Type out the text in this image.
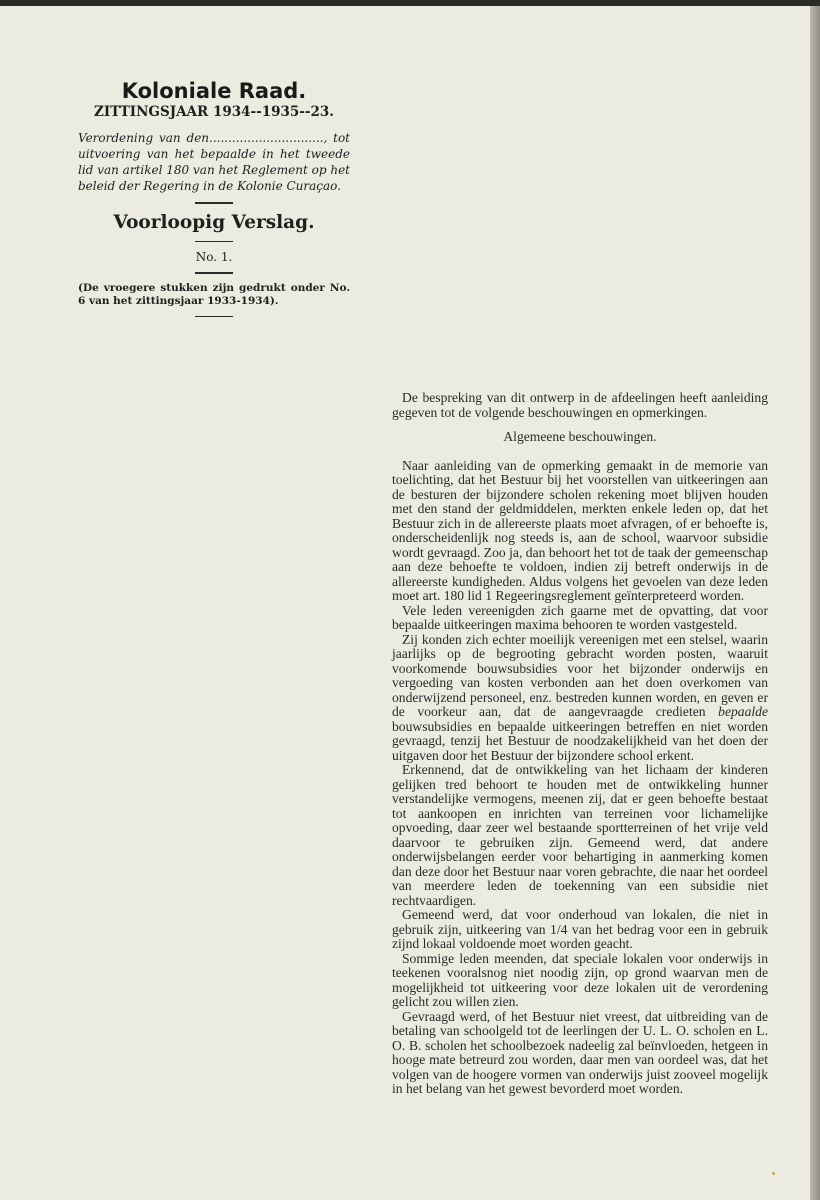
Koloniale Raad.

ZITTINGSJAAR 1934--1935--23.

Verordening van den.............................., tot uitvoering van het bepaalde in het tweede lid van artikel 180 van het Reglement op het beleid der Regering in de Kolonie Curaçao.

Voorloopig Verslag.

No. 1.

(De vroegere stukken zijn gedrukt onder No. 6 van het zittingsjaar 1933-1934).

De bespreking van dit ontwerp in de afdeelingen heeft aanleiding gegeven tot de volgende beschouwingen en opmerkingen.

Algemeene beschouwingen.

Naar aanleiding van de opmerking gemaakt in de memorie van toelichting, dat het Bestuur bij het voorstellen van uitkeeringen aan de besturen der bijzondere scholen rekening moet blijven houden met den stand der geldmiddelen, merkten enkele leden op, dat het Bestuur zich in de allereerste plaats moet afvragen, of er behoefte is, onderscheidenlijk nog steeds is, aan de school, waarvoor subsidie wordt gevraagd. Zoo ja, dan behoort het tot de taak der gemeenschap aan deze behoefte te voldoen, indien zij betreft onderwijs in de allereerste kundigheden. Aldus volgens het gevoelen van deze leden moet art. 180 lid 1 Regeeringsreglement geïnterpreteerd worden.

Vele leden vereenigden zich gaarne met de opvatting, dat voor bepaalde uitkeeringen maxima behooren te worden vastgesteld.

Zij konden zich echter moeilijk vereenigen met een stelsel, waarin jaarlijks op de begrooting gebracht worden posten, waaruit voorkomende bouwsubsidies voor het bijzonder onderwijs en vergoeding van kosten verbonden aan het doen overkomen van onderwijzend personeel, enz. bestreden kunnen worden, en geven er de voorkeur aan, dat de aangevraagde credieten bepaalde bouwsubsidies en bepaalde uitkeeringen betreffen en niet worden gevraagd, tenzij het Bestuur de noodzakelijkheid van het doen der uitgaven door het Bestuur der bijzondere school erkent.

Erkennend, dat de ontwikkeling van het lichaam der kinderen gelijken tred behoort te houden met de ontwikkeling hunner verstandelijke vermogens, meenen zij, dat er geen behoefte bestaat tot aankoopen en inrichten van terreinen voor lichamelijke opvoeding, daar zeer wel bestaande sportterreinen of het vrije veld daarvoor te gebruiken zijn. Gemeend werd, dat andere onderwijsbelangen eerder voor behartiging in aanmerking komen dan deze door het Bestuur naar voren gebrachte, die naar het oordeel van meerdere leden de toekenning van een subsidie niet rechtvaardigen.

Gemeend werd, dat voor onderhoud van lokalen, die niet in gebruik zijn, uitkeering van 1/4 van het bedrag voor een in gebruik zijnd lokaal voldoende moet worden geacht.

Sommige leden meenden, dat speciale lokalen voor onderwijs in teekenen vooralsnog niet noodig zijn, op grond waarvan men de mogelijkheid tot uitkeering voor deze lokalen uit de verordening gelicht zou willen zien.

Gevraagd werd, of het Bestuur niet vreest, dat uitbreiding van de betaling van schoolgeld tot de leerlingen der U. L. O. scholen en L. O. B. scholen het schoolbezoek nadeelig zal beïnvloeden, hetgeen in hooge mate betreurd zou worden, daar men van oordeel was, dat het volgen van de hoogere vormen van onderwijs juist zooveel mogelijk in het belang van het gewest bevorderd moet worden.
